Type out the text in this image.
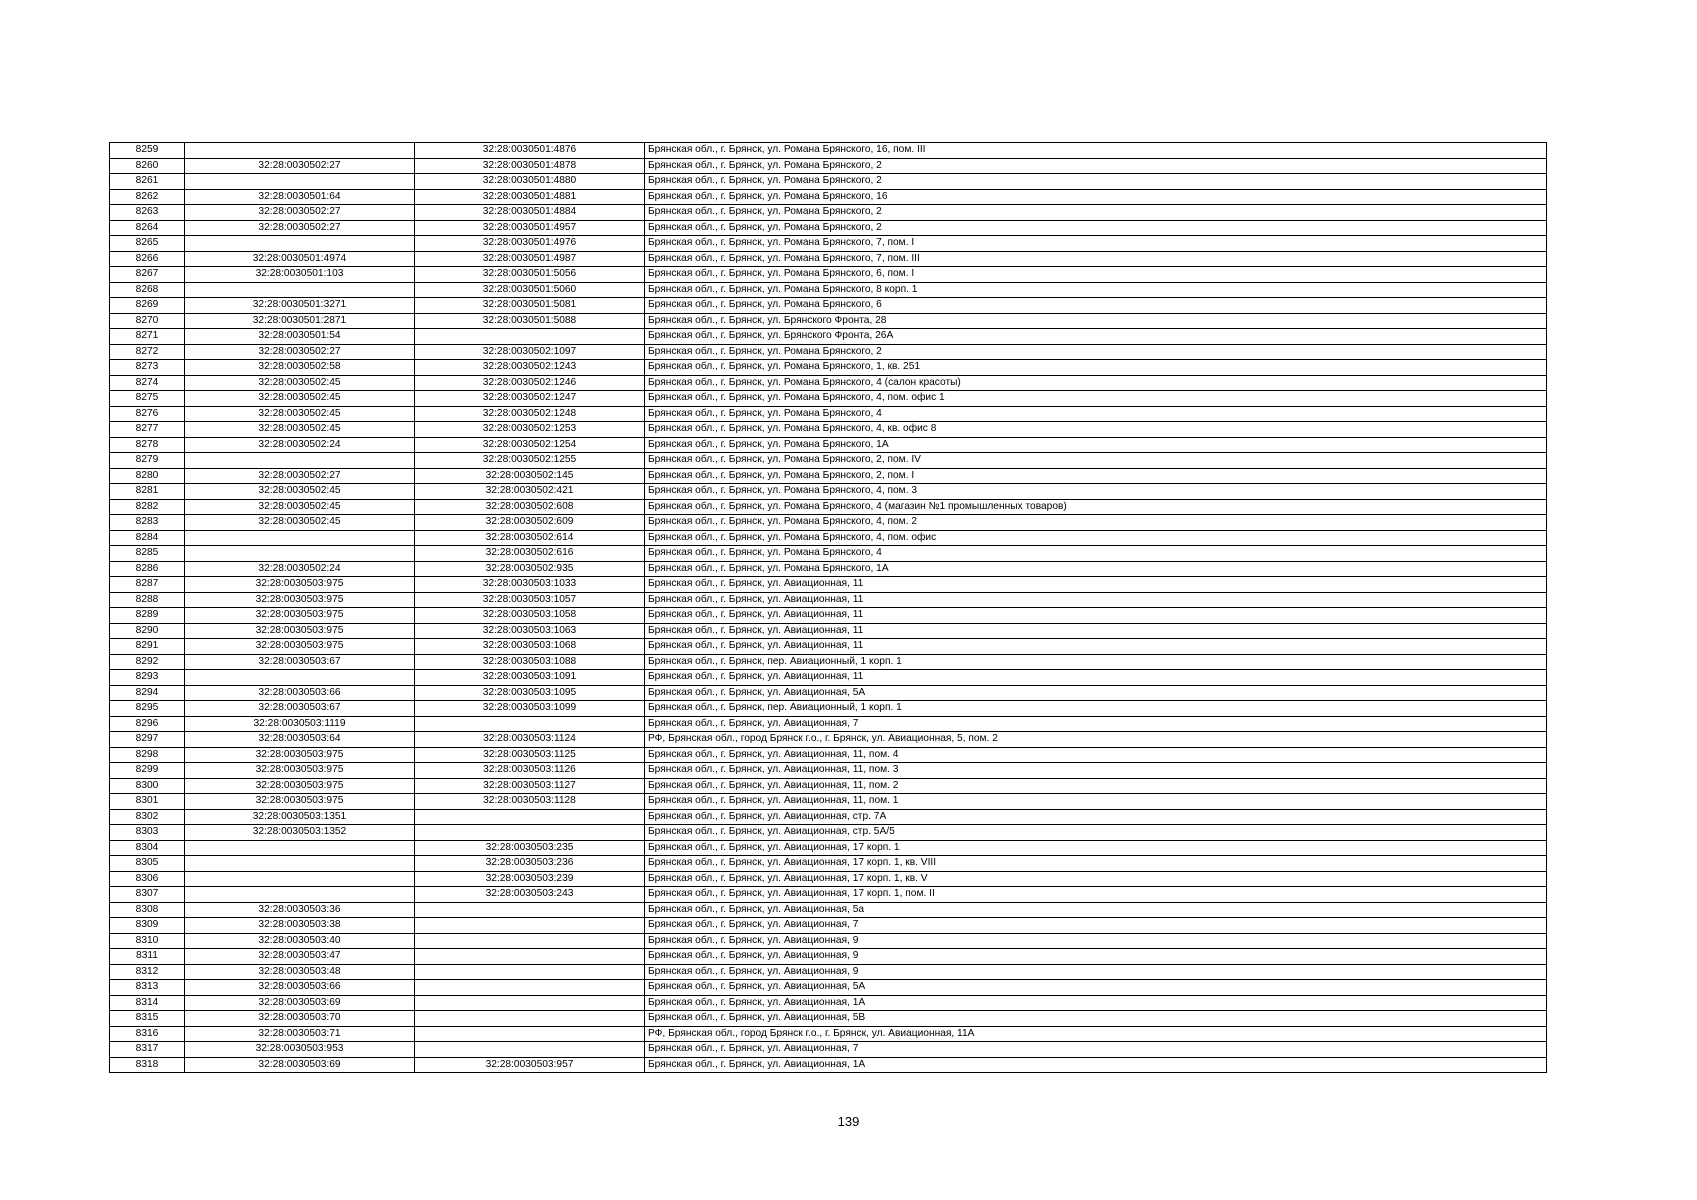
8259		32:28:0030501:4876	Брянская обл., г. Брянск, ул. Романа Брянского, 16, пом. III
8260	32:28:0030502:27	32:28:0030501:4878	Брянская обл., г. Брянск, ул. Романа Брянского, 2
8261		32:28:0030501:4880	Брянская обл., г. Брянск, ул. Романа Брянского, 2
8262	32:28:0030501:64	32:28:0030501:4881	Брянская обл., г. Брянск, ул. Романа Брянского, 16
8263	32:28:0030502:27	32:28:0030501:4884	Брянская обл., г. Брянск, ул. Романа Брянского, 2
8264	32:28:0030502:27	32:28:0030501:4957	Брянская обл., г. Брянск, ул. Романа Брянского, 2
8265		32:28:0030501:4976	Брянская обл., г. Брянск, ул. Романа Брянского, 7, пом. I
8266	32:28:0030501:4974	32:28:0030501:4987	Брянская обл., г. Брянск, ул. Романа Брянского, 7, пом. III
8267	32:28:0030501:103	32:28:0030501:5056	Брянская обл., г. Брянск, ул. Романа Брянского, 6, пом. I
8268		32:28:0030501:5060	Брянская обл., г. Брянск, ул. Романа Брянского, 8 корп. 1
8269	32:28:0030501:3271	32:28:0030501:5081	Брянская обл., г. Брянск, ул. Романа Брянского, 6
8270	32:28:0030501:2871	32:28:0030501:5088	Брянская обл., г. Брянск, ул. Брянского Фронта, 28
8271	32:28:0030501:54		Брянская обл., г. Брянск, ул. Брянского Фронта, 26А
8272	32:28:0030502:27	32:28:0030502:1097	Брянская обл., г. Брянск, ул. Романа Брянского, 2
8273	32:28:0030502:58	32:28:0030502:1243	Брянская обл., г. Брянск, ул. Романа Брянского, 1, кв. 251
8274	32:28:0030502:45	32:28:0030502:1246	Брянская обл., г. Брянск, ул. Романа Брянского, 4 (салон красоты)
8275	32:28:0030502:45	32:28:0030502:1247	Брянская обл., г. Брянск, ул. Романа Брянского, 4, пом. офис 1
8276	32:28:0030502:45	32:28:0030502:1248	Брянская обл., г. Брянск, ул. Романа Брянского, 4
8277	32:28:0030502:45	32:28:0030502:1253	Брянская обл., г. Брянск, ул. Романа Брянского, 4, кв. офис 8
8278	32:28:0030502:24	32:28:0030502:1254	Брянская обл., г. Брянск, ул. Романа Брянского, 1А
8279		32:28:0030502:1255	Брянская обл., г. Брянск, ул. Романа Брянского, 2, пом. IV
8280	32:28:0030502:27	32:28:0030502:145	Брянская обл., г. Брянск, ул. Романа Брянского, 2, пом. I
8281	32:28:0030502:45	32:28:0030502:421	Брянская обл., г. Брянск, ул. Романа Брянского, 4, пом. 3
8282	32:28:0030502:45	32:28:0030502:608	Брянская обл., г. Брянск, ул. Романа Брянского, 4 (магазин №1 промышленных товаров)
8283	32:28:0030502:45	32:28:0030502:609	Брянская обл., г. Брянск, ул. Романа Брянского, 4, пом. 2
8284		32:28:0030502:614	Брянская обл., г. Брянск, ул. Романа Брянского, 4, пом. офис
8285		32:28:0030502:616	Брянская обл., г. Брянск, ул. Романа Брянского, 4
8286	32:28:0030502:24	32:28:0030502:935	Брянская обл., г. Брянск, ул. Романа Брянского, 1А
8287	32:28:0030503:975	32:28:0030503:1033	Брянская обл., г. Брянск, ул. Авиационная, 11
8288	32:28:0030503:975	32:28:0030503:1057	Брянская обл., г. Брянск, ул. Авиационная, 11
8289	32:28:0030503:975	32:28:0030503:1058	Брянская обл., г. Брянск, ул. Авиационная, 11
8290	32:28:0030503:975	32:28:0030503:1063	Брянская обл., г. Брянск, ул. Авиационная, 11
8291	32:28:0030503:975	32:28:0030503:1068	Брянская обл., г. Брянск, ул. Авиационная, 11
8292	32:28:0030503:67	32:28:0030503:1088	Брянская обл., г. Брянск, пер. Авиационный, 1 корп. 1
8293		32:28:0030503:1091	Брянская обл., г. Брянск, ул. Авиационная, 11
8294	32:28:0030503:66	32:28:0030503:1095	Брянская обл., г. Брянск, ул. Авиационная, 5А
8295	32:28:0030503:67	32:28:0030503:1099	Брянская обл., г. Брянск, пер. Авиационный, 1 корп. 1
8296	32:28:0030503:1119		Брянская обл., г. Брянск, ул. Авиационная, 7
8297	32:28:0030503:64	32:28:0030503:1124	РФ, Брянская обл., город Брянск г.о., г. Брянск, ул. Авиационная, 5, пом. 2
8298	32:28:0030503:975	32:28:0030503:1125	Брянская обл., г. Брянск, ул. Авиационная, 11, пом. 4
8299	32:28:0030503:975	32:28:0030503:1126	Брянская обл., г. Брянск, ул. Авиационная, 11, пом. 3
8300	32:28:0030503:975	32:28:0030503:1127	Брянская обл., г. Брянск, ул. Авиационная, 11, пом. 2
8301	32:28:0030503:975	32:28:0030503:1128	Брянская обл., г. Брянск, ул. Авиационная, 11, пом. 1
8302	32:28:0030503:1351		Брянская обл., г. Брянск, ул. Авиационная, стр. 7А
8303	32:28:0030503:1352		Брянская обл., г. Брянск, ул. Авиационная, стр. 5А/5
8304		32:28:0030503:235	Брянская обл., г. Брянск, ул. Авиационная, 17 корп. 1
8305		32:28:0030503:236	Брянская обл., г. Брянск, ул. Авиационная, 17 корп. 1, кв. VIII
8306		32:28:0030503:239	Брянская обл., г. Брянск, ул. Авиационная, 17 корп. 1, кв. V
8307		32:28:0030503:243	Брянская обл., г. Брянск, ул. Авиационная, 17 корп. 1, пом. II
8308	32:28:0030503:36		Брянская обл., г. Брянск, ул. Авиационная, 5а
8309	32:28:0030503:38		Брянская обл., г. Брянск, ул. Авиационная, 7
8310	32:28:0030503:40		Брянская обл., г. Брянск, ул. Авиационная, 9
8311	32:28:0030503:47		Брянская обл., г. Брянск, ул. Авиационная, 9
8312	32:28:0030503:48		Брянская обл., г. Брянск, ул. Авиационная, 9
8313	32:28:0030503:66		Брянская обл., г. Брянск, ул. Авиационная, 5А
8314	32:28:0030503:69		Брянская обл., г. Брянск, ул. Авиационная, 1А
8315	32:28:0030503:70		Брянская обл., г. Брянск, ул. Авиационная, 5В
8316	32:28:0030503:71		РФ, Брянская обл., город Брянск г.о., г. Брянск, ул. Авиационная, 11А
8317	32:28:0030503:953		Брянская обл., г. Брянск, ул. Авиационная, 7
8318	32:28:0030503:69	32:28:0030503:957	Брянская обл., г. Брянск, ул. Авиационная, 1А
139
